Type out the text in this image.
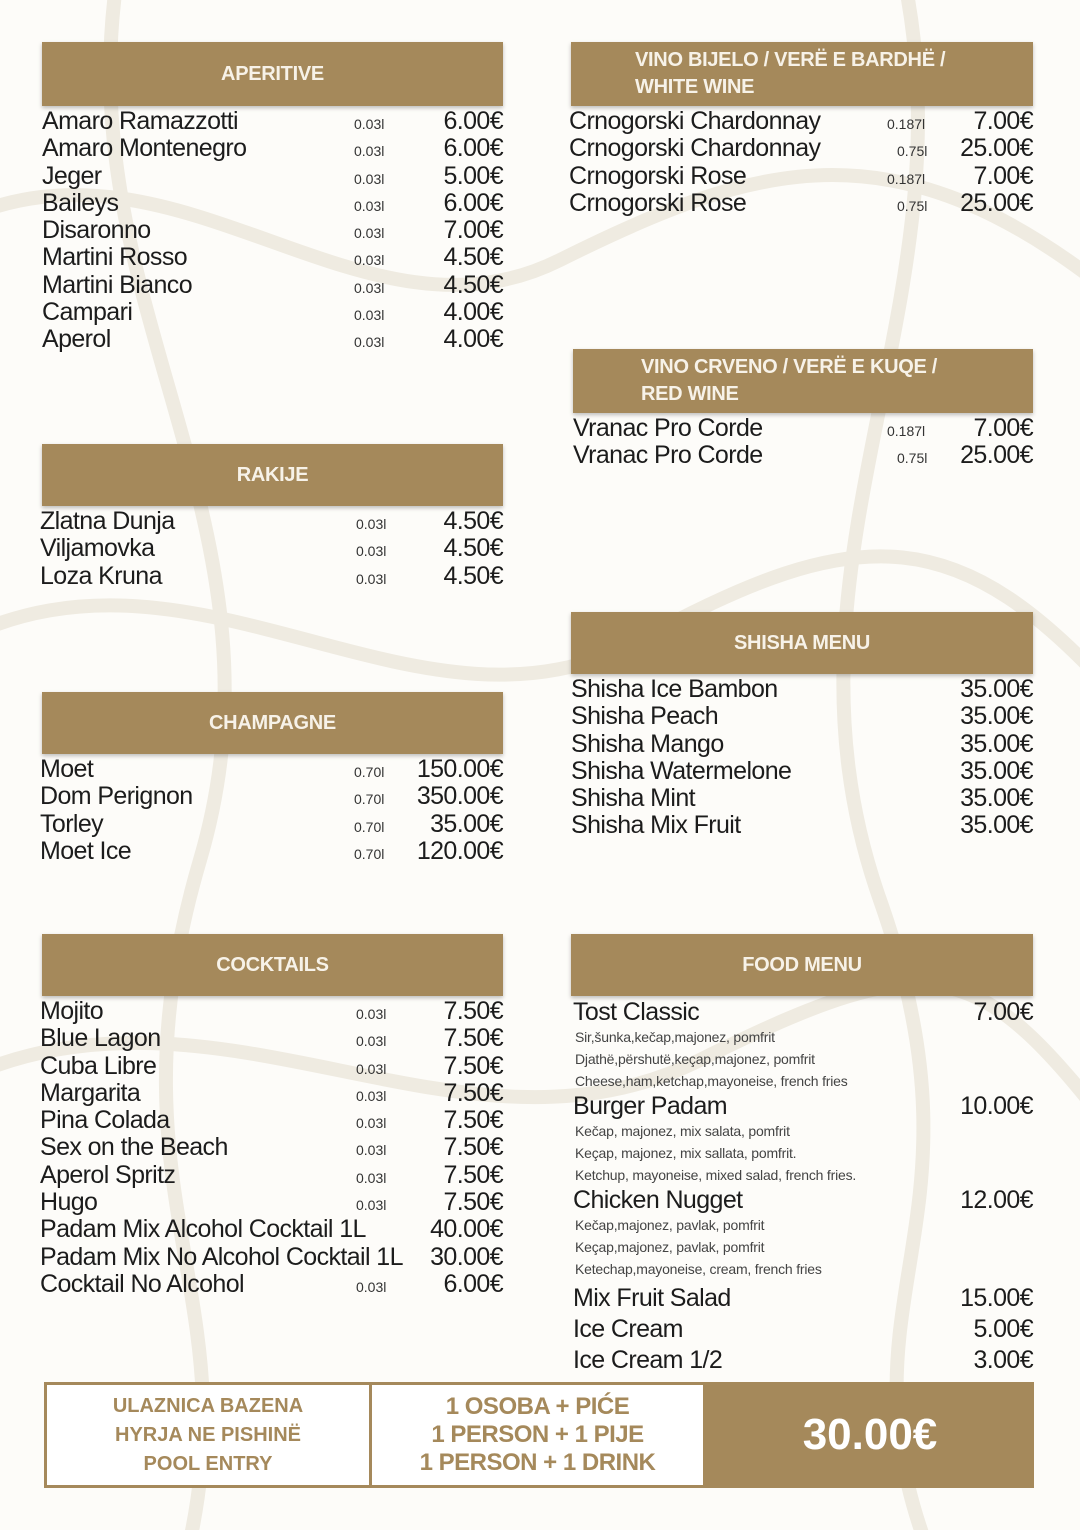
APERITIVE
Amaro Ramazzotti	0.03l 6.00€
Amaro Montenegro	0.03l 6.00€
Jeger	0.03l 5.00€
Baileys	0.03l 6.00€
Disaronno	0.03l 7.00€
Martini Rosso	0.03l 4.50€
Martini Bianco	0.03l 4.50€
Campari	0.03l 4.00€
Aperol	0.03l 4.00€
RAKIJE
Zlatna Dunja	0.03l 4.50€
Viljamovka	0.03l 4.50€
Loza Kruna	0.03l 4.50€
CHAMPAGNE
Moet	0.70l 150.00€
Dom Perignon	0.70l 350.00€
Torley	0.70l 35.00€
Moet Ice	0.70l 120.00€
COCKTAILS
Mojito	0.03l 7.50€
Blue Lagon	0.03l 7.50€
Cuba Libre	0.03l 7.50€
Margarita	0.03l 7.50€
Pina Colada	0.03l 7.50€
Sex on the Beach	0.03l 7.50€
Aperol Spritz	0.03l 7.50€
Hugo	0.03l 7.50€
Padam Mix Alcohol Cocktail 1L	40.00€
Padam Mix No Alcohol Cocktail 1L 30.00€
Cocktail No Alcohol	0.03l 6.00€
VINO BIJELO / VERË E BARDHË /
WHITE WINE
Crnogorski Chardonnay	0.187l 7.00€
Crnogorski Chardonnay	0.75l 25.00€
Crnogorski Rose	0.187l 7.00€
Crnogorski Rose	0.75l 25.00€
VINO CRVENO / VERË E KUQE /
RED WINE
Vranac Pro Corde	0.187l 7.00€
Vranac Pro Corde	0.75l 25.00€
SHISHA MENU
Shisha Ice Bambon	35.00€
Shisha Peach	35.00€
Shisha Mango	35.00€
Shisha Watermelone	35.00€
Shisha Mint	35.00€
Shisha Mix Fruit	35.00€
FOOD MENU
Tost Classic	7.00€
Sir,šunka,kečap,majonez, pomfrit
Djathë,përshutë,keçap,majonez, pomfrit
Cheese,ham,ketchap,mayoneise, french fries
Burger Padam	10.00€
Kečap, majonez, mix salata, pomfrit
Keçap, majonez, mix sallata, pomfrit.
Ketchup, mayoneise, mixed salad, french fries.
Chicken Nugget	12.00€
Kečap,majonez, pavlak, pomfrit
Keçap,majonez, pavlak, pomfrit
Ketechap,mayoneise, cream, french fries
Mix Fruit Salad	15.00€
Ice Cream	5.00€
Ice Cream 1/2	3.00€
ULAZNICA BAZENA
HYRJA NE PISHINË
POOL ENTRY
1 OSOBA + PIĆE
1 PERSON + 1 PIJE
1 PERSON + 1 DRINK
30.00€
